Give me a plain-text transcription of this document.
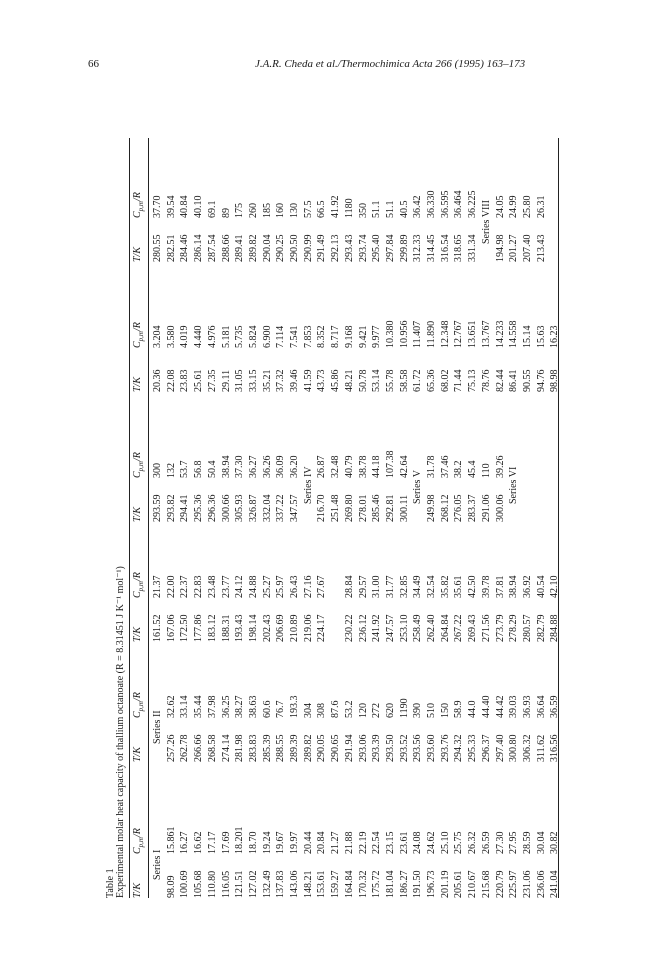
66	J.A.R. Cheda et al./Thermochimica Acta 266 (1995) 163–173
Table 1 Experimental molar heat capacity of thallium octanoate (R = 8.31451 J K⁻¹ mol⁻¹) T/K
$C_{p,m}/R$
T/K
$C_{p,m}/R$
T/K
$C_{p,m}/R$
T/K
$C_{p,m}/R$
T/K
$C_{p,m}/R$
T/K
$C_{p,m}/R$
Series I
98.09
15.861
100.69
16.27
105.68
16.62
110.80
17.17
116.05
17.69
121.51
18.201
127.02
18.70
132.49
19.24
137.83
19.67
143.06
19.97
148.21
20.44
153.61
20.84
159.27
21.27
164.84
21.88
170.32
22.19
175.72
22.54
181.04
23.15
186.27
23.61
191.50
24.08
196.73
24.62
201.19
25.10
205.61
25.75
210.67
26.32
215.68
26.59
220.79
27.30
225.97
27.95
231.06
28.59
236.06
30.04
241.04
30.82
Series II
257.26
32.62
262.78
33.14
266.66
35.44
268.58
37.98
274.14
36.25
281.98
38.27
283.83
38.63
285.39
60.6
288.55
76.7
289.39
193.3
289.82
304
290.05
308
290.65
87.6
291.94
53.2
293.06
120
293.39
272
293.50
620
293.52
1190
293.56
390
293.60
510
293.76
150
294.32
58.9
295.33
44.0
296.37
44.40
297.40
44.42
300.80
39.03
306.32
36.93
311.62
36.64
316.56
36.59
161.52
21.37
167.06
22.00
172.50
22.37
177.86
22.83
183.12
23.48
188.31
23.77
193.43
24.12
198.14
24.88
202.43
25.27
206.69
25.97
210.89
26.43
219.06
27.16
224.17
27.67
230.22
28.84
236.12
29.57
241.92
31.00
247.57
31.77
253.10
32.85
258.49
34.49
262.40
32.54
264.84
35.82
267.22
35.61
269.43
42.50
271.56
39.78
273.79
37.81
278.29
38.94
280.57
36.92
282.79
40.54
284.88
42.10
293.59
300
293.82
132
294.41
53.7
295.36
56.8
296.36
50.4
300.66
38.94
305.93
37.30
326.87
36.27
332.04
36.26
337.22
36.09
347.57
36.20 Series IV
216.70
26.87
251.48
32.48
269.80
40.79
278.01
38.78
285.46
44.18
292.81
107.38
300.11
42.64
Series V
249.98
31.78
268.12
37.46
276.05
38.2
283.37
45.4
291.06
110
300.06
39.26 Series VI
20.36
3.204
22.08
3.580
23.83
4.019
25.61
4.440
27.35
4.976
29.11
5.181
31.05
5.735
33.15
5.824
35.21
6.900
37.32
7.114
39.46
7.541
41.59
7.853
43.73
8.352
45.86
8.717
48.21
9.168
50.78
9.421
53.14
9.977
55.78
10.380
58.58
10.956
61.72
11.407
65.36
11.890
68.02
12.348
71.44
12.767
75.13
13.651
78.76
13.767
82.44
14.233
86.41
14.558
90.55
15.14
94.76
15.63
98.98
16.23
280.55
37.70
282.51
39.54
284.46
40.84
286.14
40.10
287.54
69.1
288.66
89
289.41
175
289.82
260
290.04
185
290.25
160
290.50
130
290.99
57.5
291.49
66.5
292.13
41.92
293.43
1180
293.74
350
295.40
51.1
297.84
51.1
299.89
40.5
312.33
36.42
314.45
36.330
316.54
36.595
318.65
36.464
331.34
36.225 Series VIII
194.98
24.05
201.27
24.99
207.40
25.80
213.43
26.31
